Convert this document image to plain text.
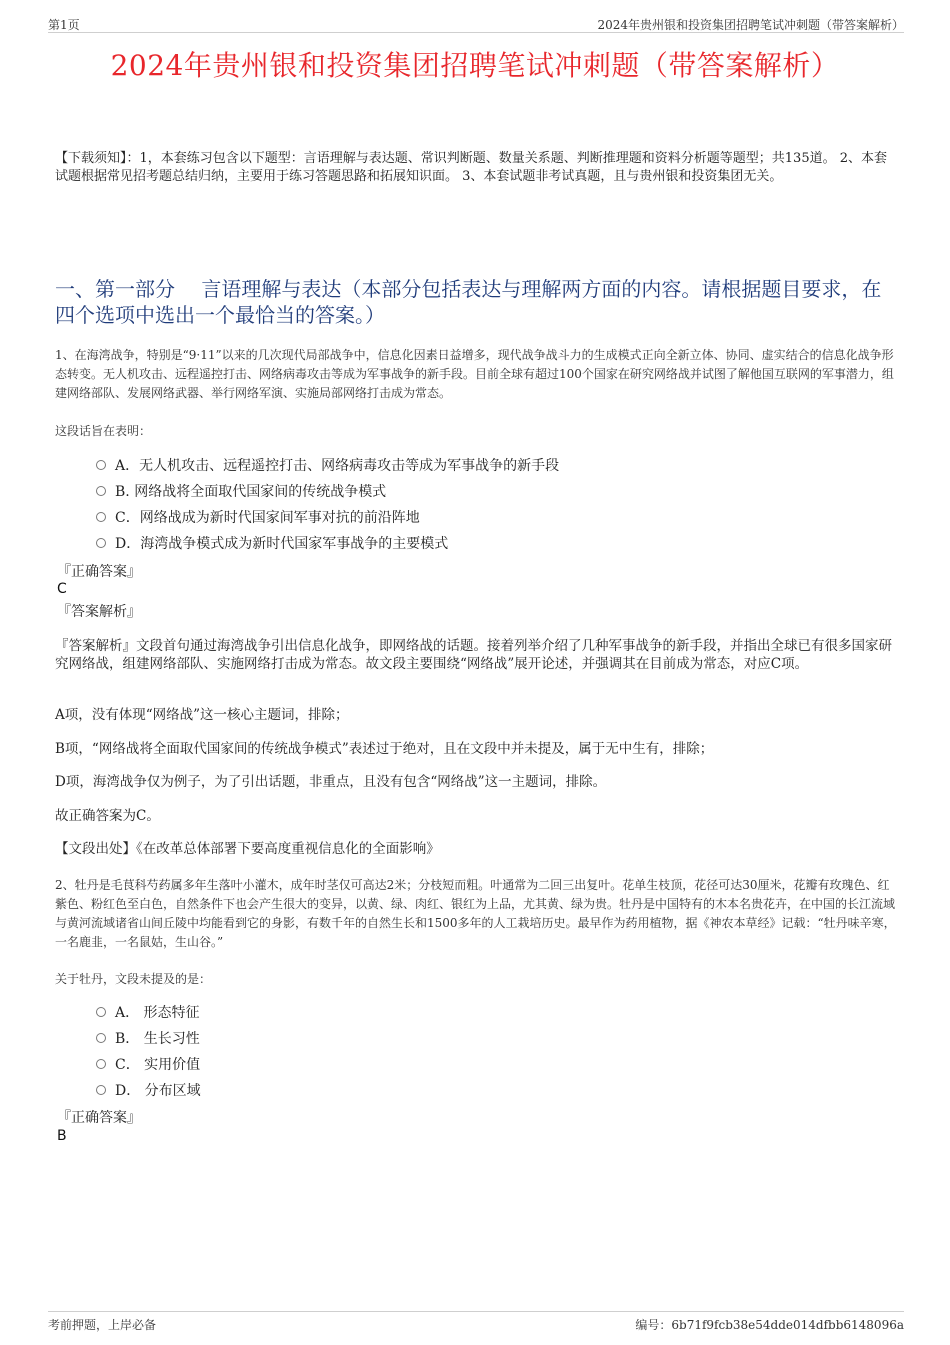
第1页	2024年贵州银和投资集团招聘笔试冲刺题（带答案解析）
2024年贵州银和投资集团招聘笔试冲刺题（带答案解析）
【下载须知】：1，本套练习包含以下题型：言语理解与表达题、常识判断题、数量关系题、判断推理题和资料分析题等题型；共135道。 2、本套试题根据常见招考题总结归纳，主要用于练习答题思路和拓展知识面。 3、本套试题非考试真题，且与贵州银和投资集团无关。
一、第一部分　 言语理解与表达（本部分包括表达与理解两方面的内容。请根据题目要求，在四个选项中选出一个最恰当的答案。）
1、在海湾战争，特别是“9·11”以来的几次现代局部战争中，信息化因素日益增多，现代战争战斗力的生成模式正向全新立体、协同、虚实结合的信息化战争形态转变。无人机攻击、远程遥控打击、网络病毒攻击等成为军事战争的新手段。目前全球有超过100个国家在研究网络战并试图了解他国互联网的军事潜力，组建网络部队、发展网络武器、举行网络军演、实施局部网络打击成为常态。
这段话旨在表明：
A．无人机攻击、远程遥控打击、网络病毒攻击等成为军事战争的新手段
B. 网络战将全面取代国家间的传统战争模式
C．网络战成为新时代国家间军事对抗的前沿阵地
D．海湾战争模式成为新时代国家军事战争的主要模式
『正确答案』
C
『答案解析』
『答案解析』文段首句通过海湾战争引出信息化战争，即网络战的话题。接着列举介绍了几种军事战争的新手段，并指出全球已有很多国家研究网络战，组建网络部队、实施网络打击成为常态。故文段主要围绕“网络战”展开论述，并强调其在目前成为常态，对应C项。
A项，没有体现“网络战”这一核心主题词，排除；
B项，“网络战将全面取代国家间的传统战争模式”表述过于绝对，且在文段中并未提及，属于无中生有，排除；
D项，海湾战争仅为例子，为了引出话题，非重点，且没有包含“网络战”这一主题词，排除。
故正确答案为C。
【文段出处】《在改革总体部署下要高度重视信息化的全面影响》
2、牡丹是毛茛科芍药属多年生落叶小灌木，成年时茎仅可高达2米；分枝短而粗。叶通常为二回三出复叶。花单生枝顶，花径可达30厘米，花瓣有玫瑰色、红紫色、粉红色至白色，自然条件下也会产生很大的变异，以黄、绿、肉红、银红为上品，尤其黄、绿为贵。牡丹是中国特有的木本名贵花卉，在中国的长江流域与黄河流域诸省山间丘陵中均能看到它的身影，有数千年的自然生长和1500多年的人工栽培历史。最早作为药用植物，据《神农本草经》记载：“牡丹味辛寒，一名鹿韭，一名鼠姑，生山谷。”
关于牡丹，文段未提及的是：
A． 形态特征
B． 生长习性
C． 实用价值
D． 分布区域
『正确答案』
B
考前押题，上岸必备	编号：6b71f9fcb38e54dde014dfbb6148096a
